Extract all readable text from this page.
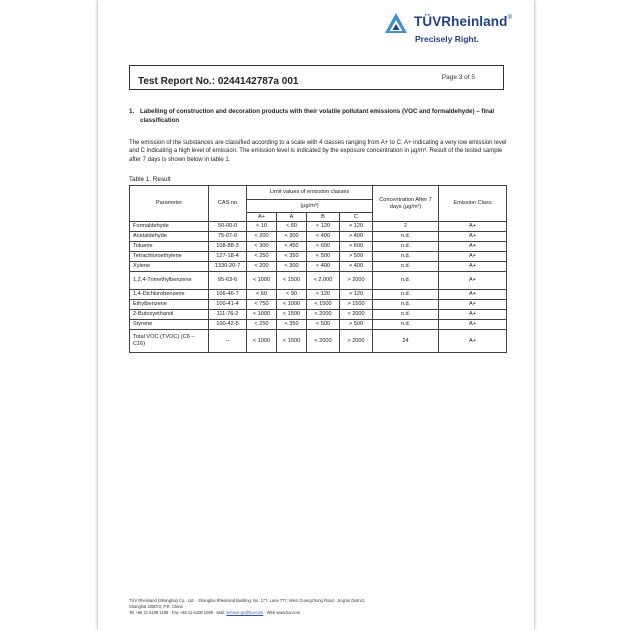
TÜVRheinland®
Precisely Right.
Test Report No.: 0244142787a 001	Page 3 of 5
1. Labelling of construction and decoration products with their volatile pollutant emissions (VOC and formaldehyde) – final classification
The emission of the substances are classified according to a scale with 4 classes ranging from A+ to C. A+ indicating a very low emission level and C indicating a high level of emission. The emission level is indicated by the exposure concentration in µg/m³. Result of the tested sample after 7 days is shown below in table 1.
Table 1. Result
Parameter	CAS no	Limit values of emission classes				Concentration After 7 days (µg/m³)	Emission Class
		(µg/m³)					
		A+	A	B	C		
Formaldehyde	50-00-0	< 10	< 60	< 120	> 120	2	A+
Acetaldehyde	75-07-0	< 200	< 300	< 400	> 400	n.d.	A+
Toluene	108-88-3	< 300	< 450	< 600	> 600	n.d.	A+
Tetrachloroethylene	127-18-4	< 250	< 350	< 500	> 500	n.d.	A+
Xylene	1330-20-7	< 200	< 300	< 400	> 400	n.d.	A+
1,2,4-Trimethylbenzene	95-63-6	< 1000	< 1500	< 2,000	> 2000	n.d.	A+
1,4-Dichlorobenzene	106-46-7	< 60	< 90	< 120	> 120	n.d.	A+
Ethylbenzene	100-41-4	< 750	< 1000	< 1500	> 1500	n.d.	A+
2-Butoxyethanol	111-76-2	< 1000	< 1500	< 2000	> 2000	n.d.	A+
Styrene	100-42-5	< 250	< 350	< 500	> 500	n.d.	A+
Total VOC (TVOC) (C6 – C16)	--	< 1000	< 1500	< 2000	> 2000	24	A+
TÜV Rheinland (Shanghai) Co., Ltd. · Shanghai Rheinland Building, No. 177, Lane 777, West Guangzhong Road · Jing'an District,
Shanghai 200072, P.R. China
Tel +86 21 6108 1188 · Fax +86 21 6108 1099 · Mail: service-gc@tuv.com · Web www.tuv.com
